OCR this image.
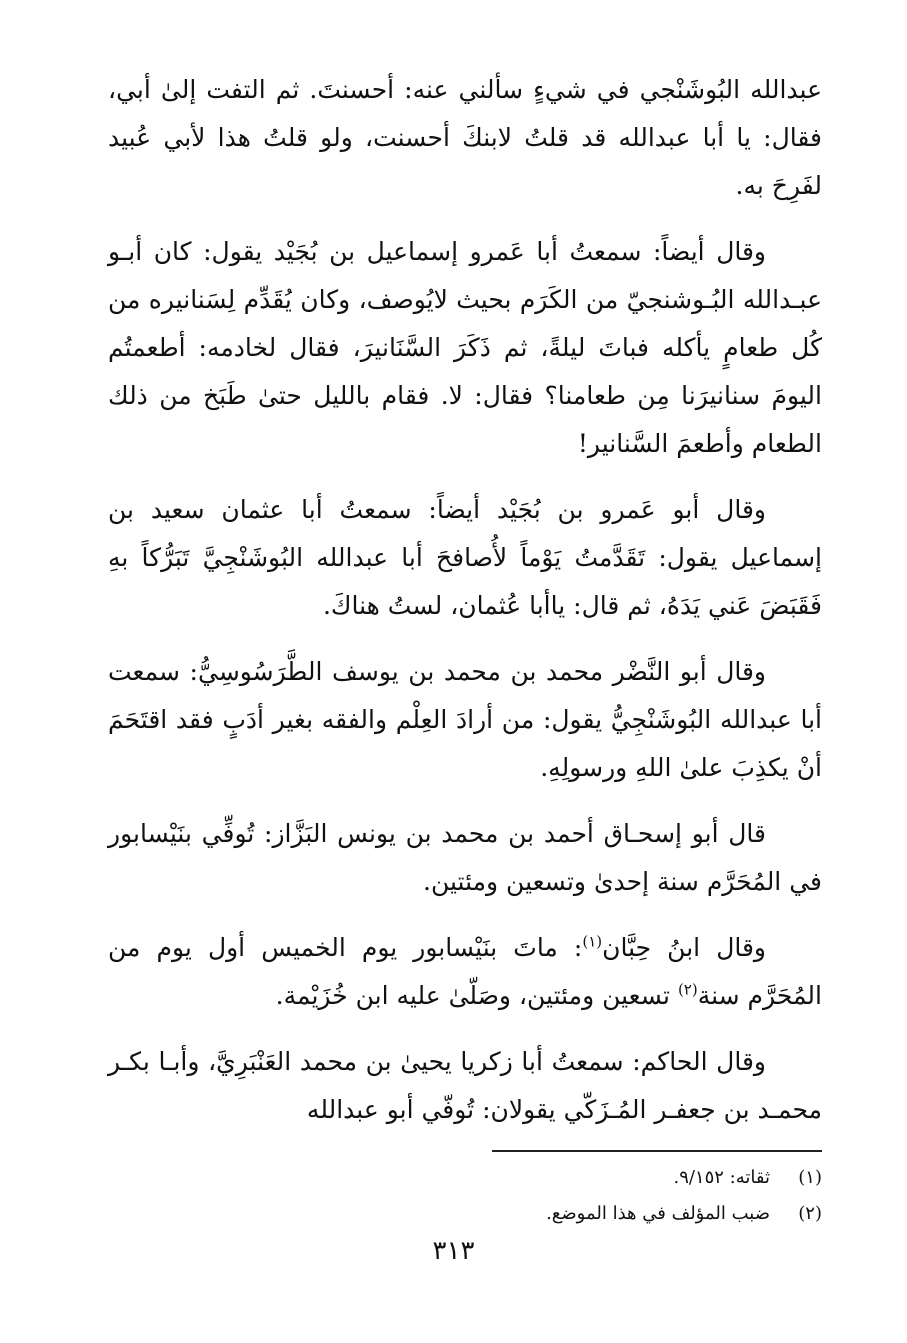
عبدالله البُوشَنْجي في شيءٍ سألني عنه: أحسنتَ. ثم التفت إلىٰ أبي، فقال: يا أبا عبدالله قد قلتُ لابنكَ أحسنت، ولو قلتُ هذا لأبي عُبيد لفَرِحَ به.

وقال أيضاً: سمعتُ أبا عَمرو إسماعيل بن بُجَيْد يقول: كان أبـو عبـدالله البُـوشنجيّ من الكَرَم بحيث لايُوصف، وكان يُقَدِّم لِسَنانيره من كُل طعامٍ يأكله فباتَ ليلةً، ثم ذَكَرَ السَّنَانيرَ، فقال لخادمه: أطعمتُم اليومَ سنانيرَنا مِن طعامنا؟ فقال: لا. فقام بالليل حتىٰ طَبَخ من ذلك الطعام وأطعمَ السَّنانير!

وقال أبو عَمرو بن بُجَيْد أيضاً: سمعتُ أبا عثمان سعيد بن إسماعيل يقول: تَقَدَّمتُ يَوْماً لأُصافحَ أبا عبدالله البُوشَنْجِيَّ تَبَرُّكاً بهِ فَقَبَضَ عَني يَدَهُ، ثم قال: ياأبا عُثمان، لستُ هناكَ.

وقال أبو النَّضْر محمد بن محمد بن يوسف الطَّرَسُوسِيُّ: سمعت أبا عبدالله البُوشَنْجِيُّ يقول: من أرادَ العِلْم والفقه بغير أدَبٍ فقد اقتَحَمَ أنْ يكذِبَ علىٰ اللهِ ورسولِهِ.

قال أبو إسحـاق أحمد بن محمد بن يونس البَزَّاز: تُوفِّي بنَيْسابور في المُحَرَّم سنة إحدىٰ وتسعين ومئتين.

وقال ابنُ حِبَّان$^{(١)}$: ماتَ بنَيْسابور يوم الخميس أول يوم من المُحَرَّم سنة$^{(٢)}$ تسعين ومئتين، وصَلّىٰ عليه ابن خُزَيْمة.

وقال الحاكم: سمعتُ أبا زكريا يحيىٰ بن محمد العَنْبَرِيَّ، وأبـا بكـر محمـد بن جعفـر المُـزَكّي يقولان: تُوفّي أبو عبدالله

(١)
ثقاته: ٩/١٥٢.
(٢)
ضبب المؤلف في هذا الموضع.
٣١٣
